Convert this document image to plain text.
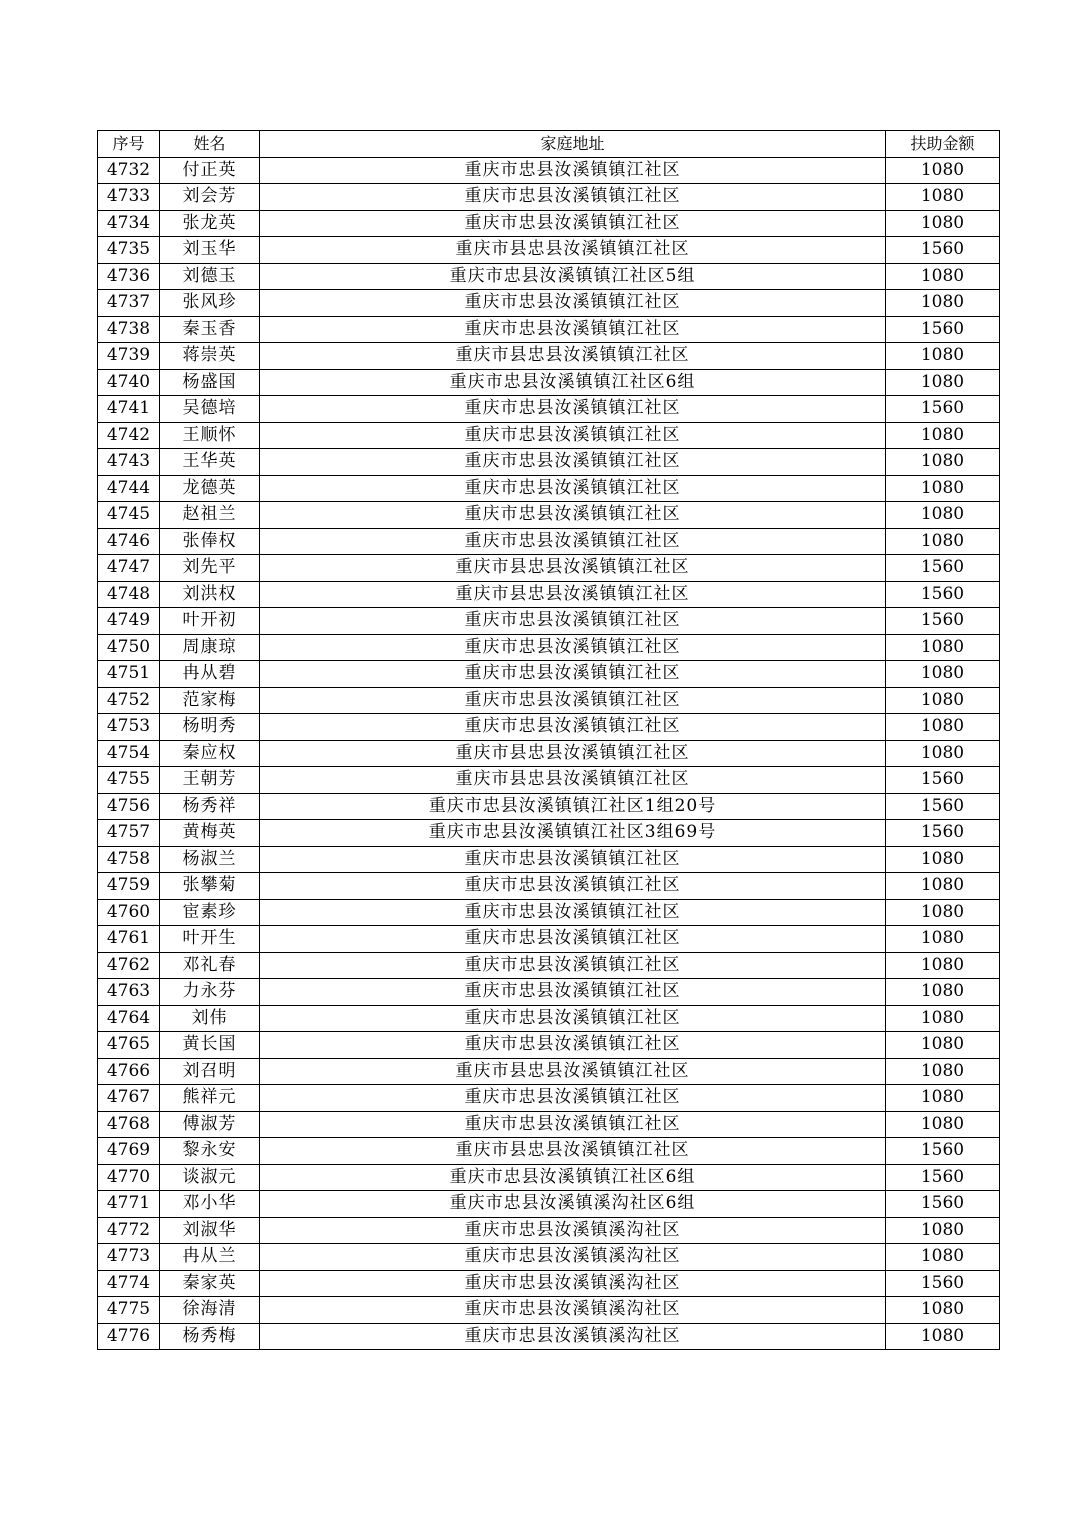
序号	姓名	家庭地址	扶助金额
4732	付正英	重庆市忠县汝溪镇镇江社区	1080
4733	刘会芳	重庆市忠县汝溪镇镇江社区	1080
4734	张龙英	重庆市忠县汝溪镇镇江社区	1080
4735	刘玉华	重庆市县忠县汝溪镇镇江社区	1560
4736	刘德玉	重庆市忠县汝溪镇镇江社区5组	1080
4737	张风珍	重庆市忠县汝溪镇镇江社区	1080
4738	秦玉香	重庆市忠县汝溪镇镇江社区	1560
4739	蒋崇英	重庆市县忠县汝溪镇镇江社区	1080
4740	杨盛国	重庆市忠县汝溪镇镇江社区6组	1080
4741	吴德培	重庆市忠县汝溪镇镇江社区	1560
4742	王顺怀	重庆市忠县汝溪镇镇江社区	1080
4743	王华英	重庆市忠县汝溪镇镇江社区	1080
4744	龙德英	重庆市忠县汝溪镇镇江社区	1080
4745	赵祖兰	重庆市忠县汝溪镇镇江社区	1080
4746	张俸权	重庆市忠县汝溪镇镇江社区	1080
4747	刘先平	重庆市县忠县汝溪镇镇江社区	1560
4748	刘洪权	重庆市县忠县汝溪镇镇江社区	1560
4749	叶开初	重庆市忠县汝溪镇镇江社区	1560
4750	周康琼	重庆市忠县汝溪镇镇江社区	1080
4751	冉从碧	重庆市忠县汝溪镇镇江社区	1080
4752	范家梅	重庆市忠县汝溪镇镇江社区	1080
4753	杨明秀	重庆市忠县汝溪镇镇江社区	1080
4754	秦应权	重庆市县忠县汝溪镇镇江社区	1080
4755	王朝芳	重庆市县忠县汝溪镇镇江社区	1560
4756	杨秀祥	重庆市忠县汝溪镇镇江社区1组20号	1560
4757	黄梅英	重庆市忠县汝溪镇镇江社区3组69号	1560
4758	杨淑兰	重庆市忠县汝溪镇镇江社区	1080
4759	张攀菊	重庆市忠县汝溪镇镇江社区	1080
4760	宦素珍	重庆市忠县汝溪镇镇江社区	1080
4761	叶开生	重庆市忠县汝溪镇镇江社区	1080
4762	邓礼春	重庆市忠县汝溪镇镇江社区	1080
4763	力永芬	重庆市忠县汝溪镇镇江社区	1080
4764	刘伟	重庆市忠县汝溪镇镇江社区	1080
4765	黄长国	重庆市忠县汝溪镇镇江社区	1080
4766	刘召明	重庆市县忠县汝溪镇镇江社区	1080
4767	熊祥元	重庆市忠县汝溪镇镇江社区	1080
4768	傅淑芳	重庆市忠县汝溪镇镇江社区	1080
4769	黎永安	重庆市县忠县汝溪镇镇江社区	1560
4770	谈淑元	重庆市忠县汝溪镇镇江社区6组	1560
4771	邓小华	重庆市忠县汝溪镇溪沟社区6组	1560
4772	刘淑华	重庆市忠县汝溪镇溪沟社区	1080
4773	冉从兰	重庆市忠县汝溪镇溪沟社区	1080
4774	秦家英	重庆市忠县汝溪镇溪沟社区	1560
4775	徐海清	重庆市忠县汝溪镇溪沟社区	1080
4776	杨秀梅	重庆市忠县汝溪镇溪沟社区	1080
